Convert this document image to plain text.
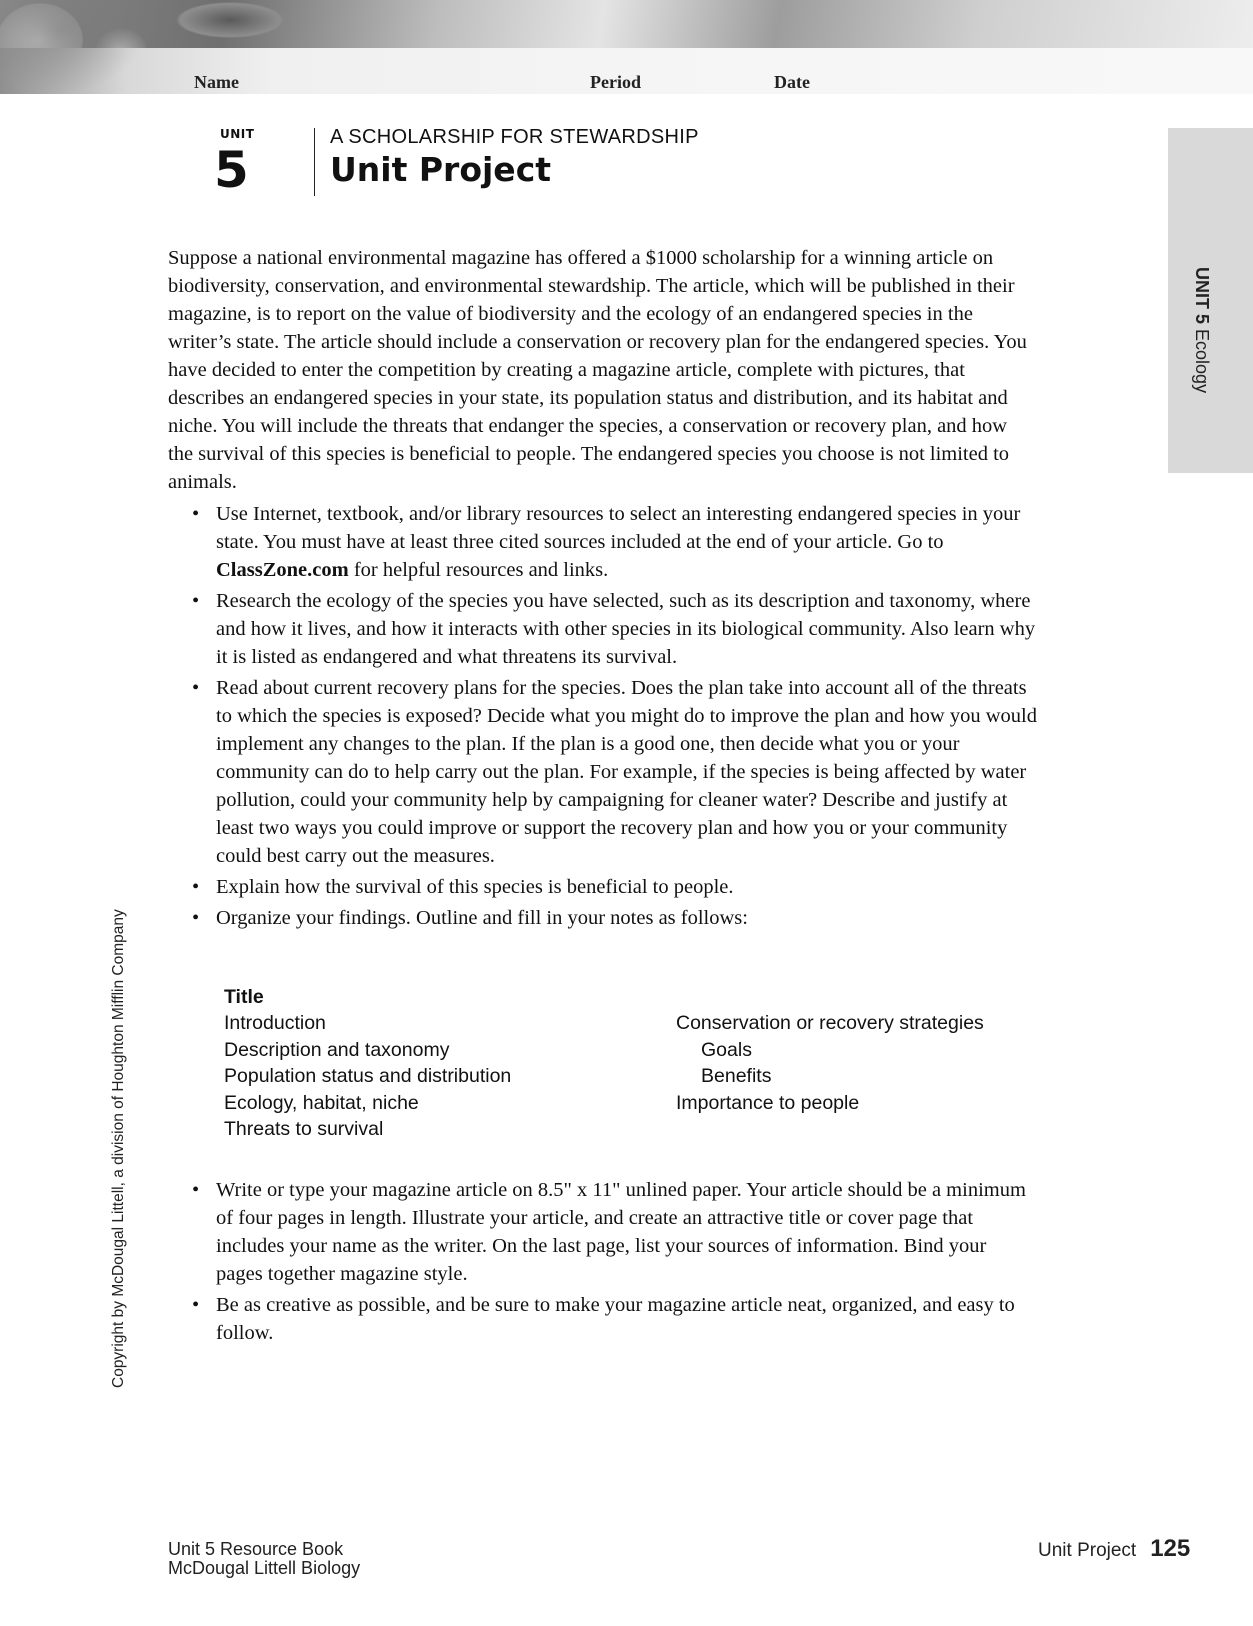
Name	Period	Date
UNIT 5 Ecology
UNIT
5
A SCHOLARSHIP FOR STEWARDSHIP
Unit Project

Suppose a national environmental magazine has offered a $1000 scholarship for a winning article on biodiversity, conservation, and environmental stewardship. The article, which will be published in their magazine, is to report on the value of biodiversity and the ecology of an endangered species in the writer’s state. The article should include a conservation or recovery plan for the endangered species. You have decided to enter the competition by creating a magazine article, complete with pictures, that describes an endangered species in your state, its population status and distribution, and its habitat and niche. You will include the threats that endanger the species, a conservation or recovery plan, and how the survival of this species is beneficial to people. The endangered species you choose is not limited to animals.

• Use Internet, textbook, and/or library resources to select an interesting endangered species in your state. You must have at least three cited sources included at the end of your article. Go to ClassZone.com for helpful resources and links.
• Research the ecology of the species you have selected, such as its description and taxonomy, where and how it lives, and how it interacts with other species in its biological community. Also learn why it is listed as endangered and what threatens its survival.
• Read about current recovery plans for the species. Does the plan take into account all of the threats to which the species is exposed? Decide what you might do to improve the plan and how you would implement any changes to the plan. If the plan is a good one, then decide what you or your community can do to help carry out the plan. For example, if the species is being affected by water pollution, could your community help by campaigning for cleaner water? Describe and justify at least two ways you could improve or support the recovery plan and how you or your community could best carry out the measures.
• Explain how the survival of this species is beneficial to people.
• Organize your findings. Outline and fill in your notes as follows:
Title
Introduction
Description and taxonomy
Population status and distribution
Ecology, habitat, niche
Threats to survival
Conservation or recovery strategies
Goals
Benefits
Importance to people
• Write or type your magazine article on 8.5" x 11" unlined paper. Your article should be a minimum of four pages in length. Illustrate your article, and create an attractive title or cover page that includes your name as the writer. On the last page, list your sources of information. Bind your pages together magazine style.
• Be as creative as possible, and be sure to make your magazine article neat, organized, and easy to follow.
Copyright by McDougal Littell, a division of Houghton Mifflin Company
Unit 5 Resource Book
McDougal Littell Biology
Unit Project 125
